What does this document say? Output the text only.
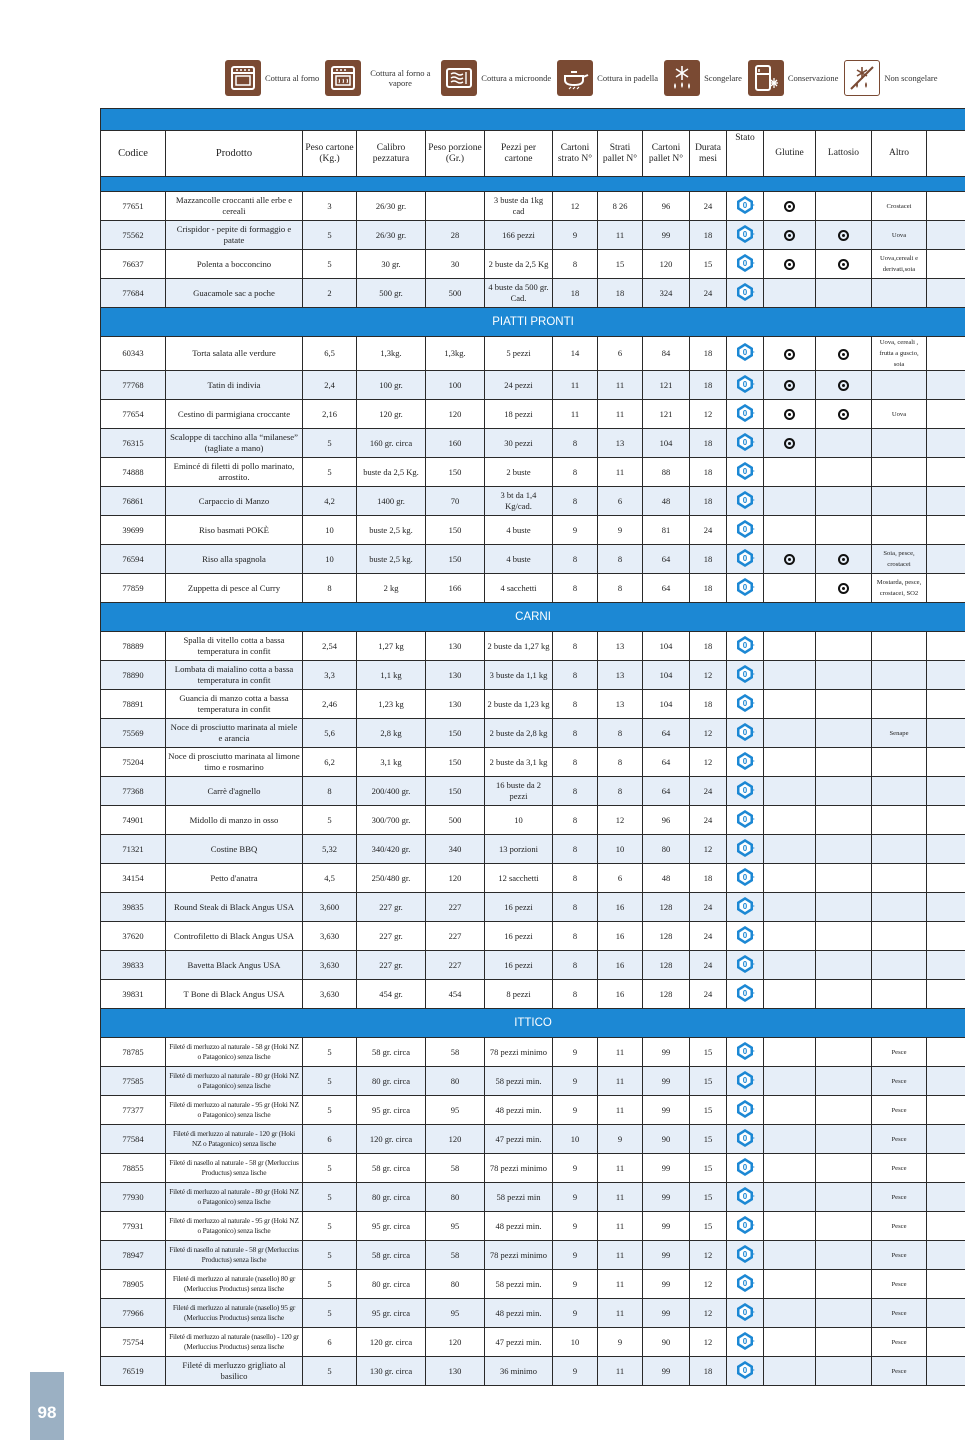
Cottura al forno	Cottura al forno a vapore	Cottura a microonde	Cottura in padella	Scongelare	Conservazione	Non scongelare

Codice	Prodotto	Peso cartone (Kg.)	Calibro pezzatura	Peso porzione (Gr.)	Pezzi per cartone	Cartoni strato N°	Strati pallet N°	Cartoni pallet N°	Durata mesi	Stato	Glutine	Lattosio	Altro	

77651	Mazzancolle croccanti alle erbe e cereali	3	26/30 gr.		3 buste da 1kg cad	12	8 26	96	24	0			Crostacei	
75562	Crispidor - pepite di formaggio e patate	5	26/30 gr.	28	166 pezzi	9	11	99	18	0			Uova	
76637	Polenta a bocconcino	5	30 gr.	30	2 buste da 2,5 Kg	8	15	120	15	0			Uova,cereali e derivati,soia	
77684	Guacamole sac a poche	2	500 gr.	500	4 buste da 500 gr. Cad.	18	18	324	24	0				

PIATTI PRONTI														
60343	Torta salata alle verdure	6,5	1,3kg.	1,3kg.	5 pezzi	14	6	84	18	0			Uova, cereali , frutta a guscio, soia	
77768	Tatin di indivia	2,4	100 gr.	100	24 pezzi	11	11	121	18	0				

77654	Cestino di parmigiana croccante	2,16	120 gr.	120	18 pezzi	11	11	121	12	0			Uova	
76315	Scaloppe di tacchino alla “milanese” (tagliate a mano)	5	160 gr. circa	160	30 pezzi	8	13	104	18	0				

74888	Emincé di filetti di pollo marinato, arrostito.	5	buste da 2,5 Kg.	150	2 buste	8	11	88	18	0				

76861	Carpaccio di Manzo	4,2	1400 gr.	70	3 bt da 1,4 Kg/cad.	8	6	48	18	0				

39699	Riso basmati POKÈ	10	buste 2,5 kg.	150	4 buste	9	9	81	24	0				

76594	Riso alla spagnola	10	buste 2,5 kg.	150	4 buste	8	8	64	18	0			Soia, pesce, crostacei	
77859	Zuppetta di pesce al Curry	8	2 kg	166	4 sacchetti	8	8	64	18	0			Mostarda, pesce, crostacei, SO2	
CARNI														
78889	Spalla di vitello cotta a bassa temperatura in confit	2,54	1,27 kg	130	2 buste da 1,27 kg	8	13	104	18	0				

78890	Lombata di maialino cotta a bassa temperatura in confit	3,3	1,1 kg	130	3 buste da 1,1 kg	8	13	104	12	0				

78891	Guancia di manzo cotta a bassa temperatura in confit	2,46	1,23 kg	130	2 buste da 1,23 kg	8	13	104	18	0				

75569	Noce di prosciutto marinata al miele e arancia	5,6	2,8 kg	150	2 buste da 2,8 kg	8	8	64	12	0			Senape	
75204	Noce di prosciutto marinata al limone timo e rosmarino	6,2	3,1 kg	150	2 buste da 3,1 kg	8	8	64	12	0				

77368	Carrè d'agnello	8	200/400 gr.	150	16 buste da 2 pezzi	8	8	64	24	0				

74901	Midollo di manzo in osso	5	300/700 gr.	500	10	8	12	96	24	0				

71321	Costine BBQ	5,32	340/420 gr.	340	13 porzioni	8	10	80	12	0				

34154	Petto d'anatra	4,5	250/480 gr.	120	12 sacchetti	8	6	48	18	0				

39835	Round Steak di Black Angus USA	3,600	227 gr.	227	16 pezzi	8	16	128	24	0				

37620	Controfiletto di Black Angus USA	3,630	227 gr.	227	16 pezzi	8	16	128	24	0				

39833	Bavetta Black Angus USA	3,630	227 gr.	227	16 pezzi	8	16	128	24	0				

39831	T Bone di Black Angus USA	3,630	454 gr.	454	8 pezzi	8	16	128	24	0				

ITTICO														
78785	Fileté di merluzzo al naturale - 58 gr (Hoki NZ o Patagonico) senza lische	5	58 gr. circa	58	78 pezzi minimo	9	11	99	15	0			Pesce	
77585	Fileté di merluzzo al naturale - 80 gr (Hoki NZ o Patagonico) senza lische	5	80 gr. circa	80	58 pezzi min.	9	11	99	15	0			Pesce	
77377	Fileté di merluzzo al naturale - 95 gr (Hoki NZ o Patagonico) senza lische	5	95 gr. circa	95	48 pezzi min.	9	11	99	15	0			Pesce	
77584	Fileté di merluzzo al naturale - 120 gr (Hoki NZ o Patagonico) senza lische	6	120 gr. circa	120	47 pezzi min.	10	9	90	15	0			Pesce	
78855	Fileté di nasello al naturale - 58 gr (Merluccius Productus) senza lische	5	58 gr. circa	58	78 pezzi minimo	9	11	99	15	0			Pesce	
77930	Fileté di merluzzo al naturale - 80 gr (Hoki NZ o Patagonico) senza lische	5	80 gr. circa	80	58 pezzi min	9	11	99	15	0			Pesce	
77931	Fileté di merluzzo al naturale - 95 gr (Hoki NZ o Patagonico) senza lische	5	95 gr. circa	95	48 pezzi min.	9	11	99	15	0			Pesce	
78947	Fileté di nasello al naturale - 58 gr (Merluccius Productus) senza lische	5	58 gr. circa	58	78 pezzi minimo	9	11	99	12	0			Pesce	
78905	Fileté di merluzzo al naturale (nasello) 80 gr (Merluccius Productus) senza lische	5	80 gr. circa	80	58 pezzi min.	9	11	99	12	0			Pesce	
77966	Fileté di merluzzo al naturale (nasello) 95 gr (Merluccius Productus) senza lische	5	95 gr. circa	95	48 pezzi min.	9	11	99	12	0			Pesce	
75754	Fileté di merluzzo al naturale (nasello) - 120 gr (Merluccius Productus) senza lische	6	120 gr. circa	120	47 pezzi min.	10	9	90	12	0			Pesce	
76519	Fileté di merluzzo grigliato al basilico	5	130 gr. circa	130	36 minimo	9	11	99	18	0			Pesce	
98
